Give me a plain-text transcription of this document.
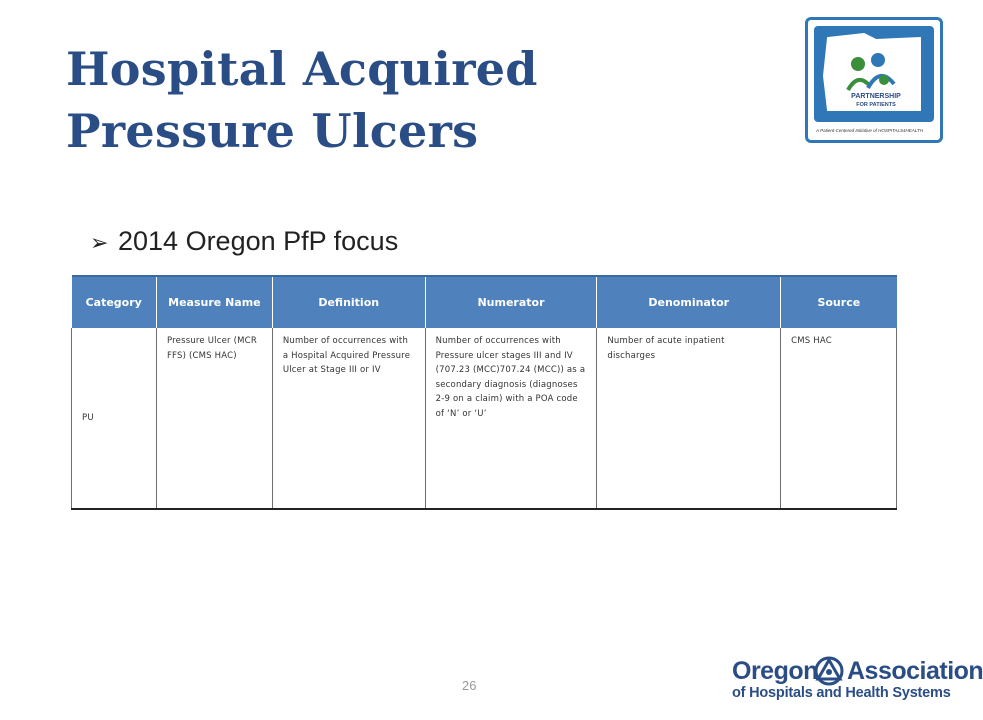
Hospital Acquired Pressure Ulcers
PARTNERSHIP
FOR PATIENTS
A Patient-Centered Initiative of HOSPITALS4HEALTH
➢ 2014 Oregon PfP focus
Category	Measure Name	Definition	Numerator	Denominator	Source
PU	Pressure Ulcer (MCR FFS) (CMS HAC)	Number of occurrences with a Hospital Acquired Pressure Ulcer at Stage III or IV	Number of occurrences with Pressure ulcer stages III and IV (707.23 (MCC)707.24 (MCC)) as a secondary diagnosis (diagnoses 2-9 on a claim) with a POA code of ‘N’ or ‘U’	Number of acute inpatient discharges	CMS HAC
26
Oregon Association
of Hospitals and Health Systems
